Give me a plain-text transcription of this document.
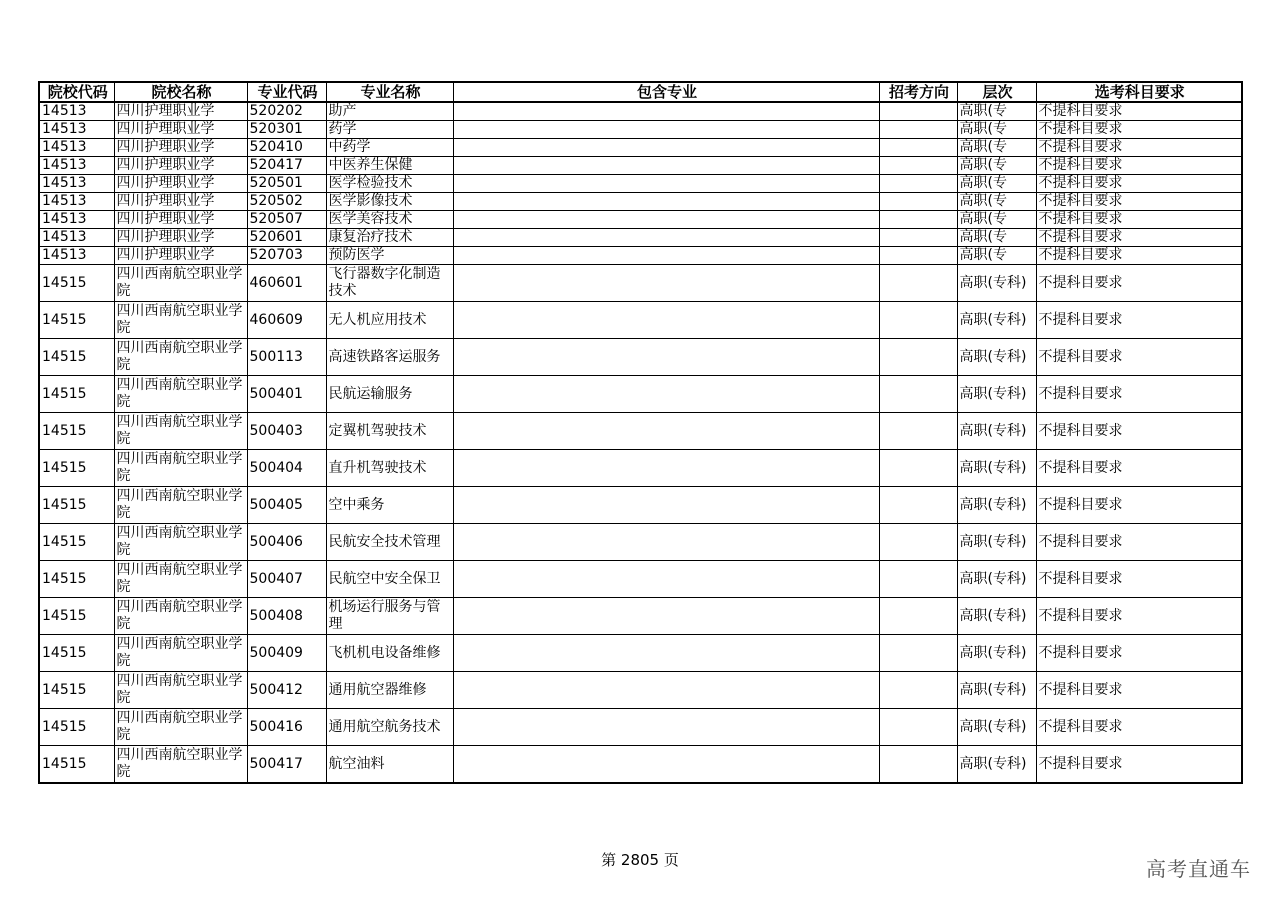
院校代码	院校名称	专业代码	专业名称	包含专业	招考方向	层次	选考科目要求
14513	四川护理职业学	520202	助产			高职(专	不提科目要求
14513	四川护理职业学	520301	药学			高职(专	不提科目要求
14513	四川护理职业学	520410	中药学			高职(专	不提科目要求
14513	四川护理职业学	520417	中医养生保健			高职(专	不提科目要求
14513	四川护理职业学	520501	医学检验技术			高职(专	不提科目要求
14513	四川护理职业学	520502	医学影像技术			高职(专	不提科目要求
14513	四川护理职业学	520507	医学美容技术			高职(专	不提科目要求
14513	四川护理职业学	520601	康复治疗技术			高职(专	不提科目要求
14513	四川护理职业学	520703	预防医学			高职(专	不提科目要求
14515	四川西南航空职业学院	460601	飞行器数字化制造技术			高职(专科)	不提科目要求
14515	四川西南航空职业学院	460609	无人机应用技术			高职(专科)	不提科目要求
14515	四川西南航空职业学院	500113	高速铁路客运服务			高职(专科)	不提科目要求
14515	四川西南航空职业学院	500401	民航运输服务			高职(专科)	不提科目要求
14515	四川西南航空职业学院	500403	定翼机驾驶技术			高职(专科)	不提科目要求
14515	四川西南航空职业学院	500404	直升机驾驶技术			高职(专科)	不提科目要求
14515	四川西南航空职业学院	500405	空中乘务			高职(专科)	不提科目要求
14515	四川西南航空职业学院	500406	民航安全技术管理			高职(专科)	不提科目要求
14515	四川西南航空职业学院	500407	民航空中安全保卫			高职(专科)	不提科目要求
14515	四川西南航空职业学院	500408	机场运行服务与管理			高职(专科)	不提科目要求
14515	四川西南航空职业学院	500409	飞机机电设备维修			高职(专科)	不提科目要求
14515	四川西南航空职业学院	500412	通用航空器维修			高职(专科)	不提科目要求
14515	四川西南航空职业学院	500416	通用航空航务技术			高职(专科)	不提科目要求
14515	四川西南航空职业学院	500417	航空油料			高职(专科)	不提科目要求
第 2805 页	高考直通车
